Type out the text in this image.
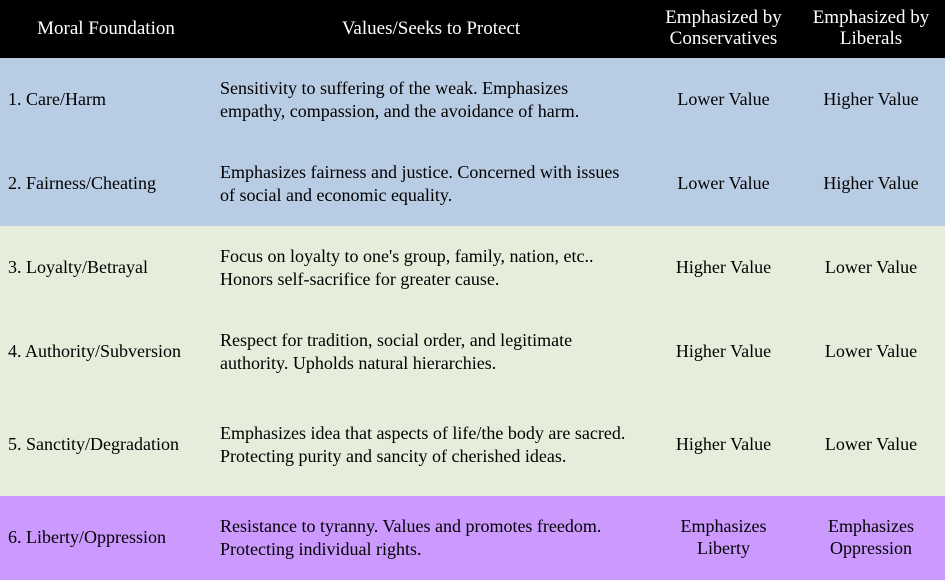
Moral Foundation	Values/Seeks to Protect	Emphasized by Conservatives	Emphasized by Liberals
1. Care/Harm	Sensitivity to suffering of the weak. Emphasizes empathy, compassion, and the avoidance of harm.	Lower Value	Higher Value
2. Fairness/Cheating	Emphasizes fairness and justice. Concerned with issues of social and economic equality.	Lower Value	Higher Value
3. Loyalty/Betrayal	Focus on loyalty to one's group, family, nation, etc.. Honors self-sacrifice for greater cause.	Higher Value	Lower Value
4. Authority/Subversion	Respect for tradition, social order, and legitimate authority. Upholds natural hierarchies.	Higher Value	Lower Value
5. Sanctity/Degradation	Emphasizes idea that aspects of life/the body are sacred. Protecting purity and sancity of cherished ideas.	Higher Value	Lower Value
6. Liberty/Oppression	Resistance to tyranny. Values and promotes freedom. Protecting individual rights.	Emphasizes Liberty	Emphasizes Oppression
